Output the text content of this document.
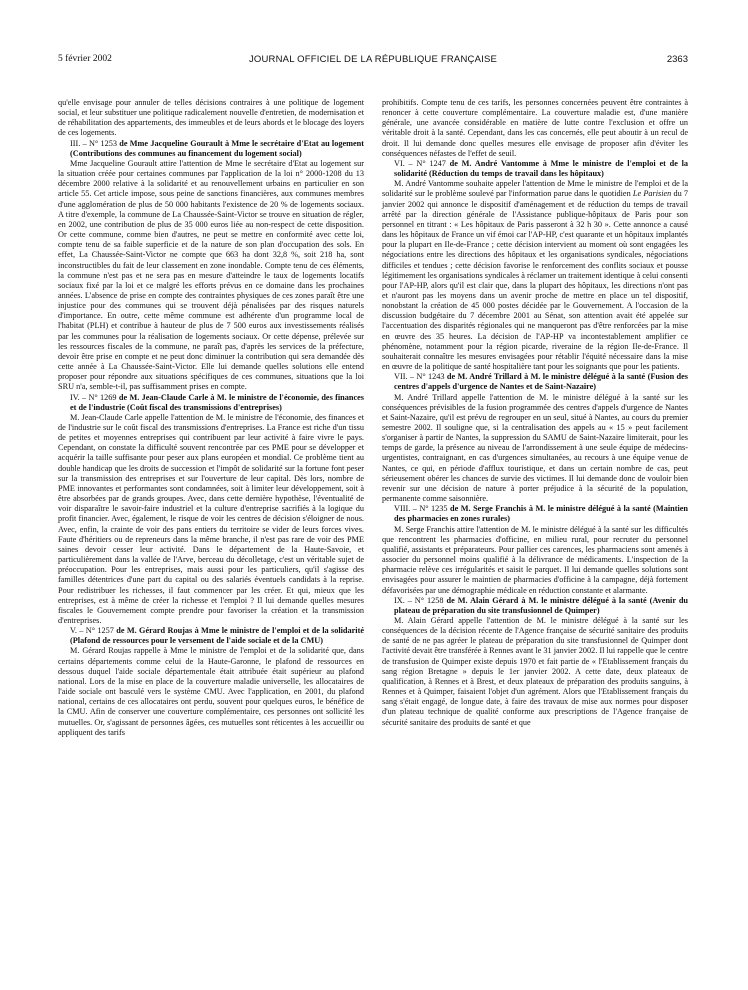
5 février 2002	JOURNAL OFFICIEL DE LA RÉPUBLIQUE FRANÇAISE	2363

qu'elle envisage pour annuler de telles décisions contraires à une politique de logement social, et leur substituer une politique radicalement nouvelle d'entretien, de modernisation et de réhabilitation des appartements, des immeubles et de leurs abords et le blocage des loyers de ces logements.

III. – N° 1253 de Mme Jacqueline Gourault à Mme le secrétaire d'Etat au logement (Contributions des communes au financement du logement social)

Mme Jacqueline Gourault attire l'attention de Mme le secrétaire d'Etat au logement sur la situation créée pour certaines communes par l'application de la loi n° 2000-1208 du 13 décembre 2000 relative à la solidarité et au renouvellement urbains en particulier en son article 55. Cet article impose, sous peine de sanctions financières, aux communes membres d'une agglomération de plus de 50 000 habitants l'existence de 20 % de logements sociaux. A titre d'exemple, la commune de La Chaussée-Saint-Victor se trouve en situation de régler, en 2002, une contribution de plus de 35 000 euros liée au non-respect de cette disposition. Or cette commune, comme bien d'autres, ne peut se mettre en conformité avec cette loi, compte tenu de sa faible superficie et de la nature de son plan d'occupation des sols. En effet, La Chaussée-Saint-Victor ne compte que 663 ha dont 32,8 %, soit 218 ha, sont inconstructibles du fait de leur classement en zone inondable. Compte tenu de ces éléments, la commune n'est pas et ne sera pas en mesure d'atteindre le taux de logements locatifs sociaux fixé par la loi et ce malgré les efforts prévus en ce domaine dans les prochaines années. L'absence de prise en compte des contraintes physiques de ces zones paraît être une injustice pour des communes qui se trouvent déjà pénalisées par des risques naturels d'importance. En outre, cette même commune est adhérente d'un programme local de l'habitat (PLH) et contribue à hauteur de plus de 7 500 euros aux investissements réalisés par les communes pour la réalisation de logements sociaux. Or cette dépense, prélevée sur les ressources fiscales de la commune, ne paraît pas, d'après les services de la préfecture, devoir être prise en compte et ne peut donc diminuer la contribution qui sera demandée dès cette année à La Chaussée-Saint-Victor. Elle lui demande quelles solutions elle entend proposer pour répondre aux situations spécifiques de ces communes, situations que la loi SRU n'a, semble-t-il, pas suffisamment prises en compte.

IV. – N° 1269 de M. Jean-Claude Carle à M. le ministre de l'économie, des finances et de l'industrie (Coût fiscal des transmissions d'entreprises)

M. Jean-Claude Carle appelle l'attention de M. le ministre de l'économie, des finances et de l'industrie sur le coût fiscal des transmissions d'entreprises. La France est riche d'un tissu de petites et moyennes entreprises qui contribuent par leur activité à faire vivre le pays. Cependant, on constate la difficulté souvent rencontrée par ces PME pour se développer et acquérir la taille suffisante pour peser aux plans européen et mondial. Ce problème tient au double handicap que les droits de succession et l'impôt de solidarité sur la fortune font peser sur la transmission des entreprises et sur l'ouverture de leur capital. Dès lors, nombre de PME innovantes et performantes sont condamnées, soit à limiter leur développement, soit à être absorbées par de grands groupes. Avec, dans cette dernière hypothèse, l'éventualité de voir disparaître le savoir-faire industriel et la culture d'entreprise sacrifiés à la logique du profit financier. Avec, également, le risque de voir les centres de décision s'éloigner de nous. Avec, enfin, la crainte de voir des pans entiers du territoire se vider de leurs forces vives. Faute d'héritiers ou de repreneurs dans la même branche, il n'est pas rare de voir des PME saines devoir cesser leur activité. Dans le département de la Haute-Savoie, et particulièrement dans la vallée de l'Arve, berceau du décolletage, c'est un véritable sujet de préoccupation. Pour les entreprises, mais aussi pour les particuliers, qu'il s'agisse des familles détentrices d'une part du capital ou des salariés éventuels candidats à la reprise. Pour redistribuer les richesses, il faut commencer par les créer. Et qui, mieux que les entreprises, est à même de créer la richesse et l'emploi ? Il lui demande quelles mesures fiscales le Gouvernement compte prendre pour favoriser la création et la transmission d'entreprises.

V. – N° 1257 de M. Gérard Roujas à Mme le ministre de l'emploi et de la solidarité (Plafond de ressources pour le versement de l'aide sociale et de la CMU)

M. Gérard Roujas rappelle à Mme le ministre de l'emploi et de la solidarité que, dans certains départements comme celui de la Haute-Garonne, le plafond de ressources en dessous duquel l'aide sociale départementale était attribuée était supérieur au plafond national. Lors de la mise en place de la couverture maladie universelle, les allocataires de l'aide sociale ont basculé vers le système CMU. Avec l'application, en 2001, du plafond national, certains de ces allocataires ont perdu, souvent pour quelques euros, le bénéfice de la CMU. Afin de conserver une couverture complémentaire, ces personnes ont sollicité les mutuelles. Or, s'agissant de personnes âgées, ces mutuelles sont réticentes à les accueillir ou appliquent des tarifs

prohibitifs. Compte tenu de ces tarifs, les personnes concernées peuvent être contraintes à renoncer à cette couverture complémentaire. La couverture maladie est, d'une manière générale, une avancée considérable en matière de lutte contre l'exclusion et offre un véritable droit à la santé. Cependant, dans les cas concernés, elle peut aboutir à un recul de droit. Il lui demande donc quelles mesures elle envisage de proposer afin d'éviter les conséquences néfastes de l'effet de seuil.

VI. – N° 1247 de M. André Vantomme à Mme le ministre de l'emploi et de la solidarité (Réduction du temps de travail dans les hôpitaux)

M. André Vantomme souhaite appeler l'attention de Mme le ministre de l'emploi et de la solidarité sur le problème soulevé par l'information parue dans le quotidien Le Parisien du 7 janvier 2002 qui annonce le dispositif d'aménagement et de réduction du temps de travail arrêté par la direction générale de l'Assistance publique-hôpitaux de Paris pour son personnel en titrant : « Les hôpitaux de Paris passeront à 32 h 30 ». Cette annonce a causé dans les hôpitaux de France un vif émoi car l'AP-HP, c'est quarante et un hôpitaux implantés pour la plupart en Ile-de-France ; cette décision intervient au moment où sont engagées les négociations entre les directions des hôpitaux et les organisations syndicales, négociations difficiles et tendues ; cette décision favorise le renforcement des conflits sociaux et pousse légitimement les organisations syndicales à réclamer un traitement identique à celui consenti pour l'AP-HP, alors qu'il est clair que, dans la plupart des hôpitaux, les directions n'ont pas et n'auront pas les moyens dans un avenir proche de mettre en place un tel dispositif, nonobstant la création de 45 000 postes décidée par le Gouvernement. A l'occasion de la discussion budgétaire du 7 décembre 2001 au Sénat, son attention avait été appelée sur l'accentuation des disparités régionales qui ne manqueront pas d'être renforcées par la mise en œuvre des 35 heures. La décision de l'AP-HP va incontestablement amplifier ce phénomène, notamment pour la région picarde, riveraine de la région Ile-de-France. Il souhaiterait connaître les mesures envisagées pour rétablir l'équité nécessaire dans la mise en œuvre de la politique de santé hospitalière tant pour les soignants que pour les patients.

VII. – N° 1243 de M. André Trillard à M. le ministre délégué à la santé (Fusion des centres d'appels d'urgence de Nantes et de Saint-Nazaire)

M. André Trillard appelle l'attention de M. le ministre délégué à la santé sur les conséquences prévisibles de la fusion programmée des centres d'appels d'urgence de Nantes et Saint-Nazaire, qu'il est prévu de regrouper en un seul, situé à Nantes, au cours du premier semestre 2002. Il souligne que, si la centralisation des appels au « 15 » peut facilement s'organiser à partir de Nantes, la suppression du SAMU de Saint-Nazaire limiterait, pour les temps de garde, la présence au niveau de l'arrondissement à une seule équipe de médecins-urgentistes, contraignant, en cas d'urgences simultanées, au recours à une équipe venue de Nantes, ce qui, en période d'afflux touristique, et dans un certain nombre de cas, peut sérieusement obérer les chances de survie des victimes. Il lui demande donc de vouloir bien revenir sur une décision de nature à porter préjudice à la sécurité de la population, permanente comme saisonnière.

VIII. – N° 1235 de M. Serge Franchis à M. le ministre délégué à la santé (Maintien des pharmacies en zones rurales)

M. Serge Franchis attire l'attention de M. le ministre délégué à la santé sur les difficultés que rencontrent les pharmacies d'officine, en milieu rural, pour recruter du personnel qualifié, assistants et préparateurs. Pour pallier ces carences, les pharmaciens sont amenés à associer du personnel moins qualifié à la délivrance de médicaments. L'inspection de la pharmacie relève ces irrégularités et saisit le parquet. Il lui demande quelles solutions sont envisagées pour assurer le maintien de pharmacies d'officine à la campagne, déjà fortement défavorisées par une démographie médicale en réduction constante et alarmante.

IX. – N° 1258 de M. Alain Gérard à M. le ministre délégué à la santé (Avenir du plateau de préparation du site transfusionnel de Quimper)

M. Alain Gérard appelle l'attention de M. le ministre délégué à la santé sur les conséquences de la décision récente de l'Agence française de sécurité sanitaire des produits de santé de ne pas agréer le plateau de préparation du site transfusionnel de Quimper dont l'activité devait être transférée à Rennes avant le 31 janvier 2002. Il lui rappelle que le centre de transfusion de Quimper existe depuis 1970 et fait partie de « l'Etablissement français du sang région Bretagne » depuis le 1er janvier 2002. A cette date, deux plateaux de qualification, à Rennes et à Brest, et deux plateaux de préparation des produits sanguins, à Rennes et à Quimper, faisaient l'objet d'un agrément. Alors que l'Etablissement français du sang s'était engagé, de longue date, à faire des travaux de mise aux normes pour disposer d'un plateau technique de qualité conforme aux prescriptions de l'Agence française de sécurité sanitaire des produits de santé et que
